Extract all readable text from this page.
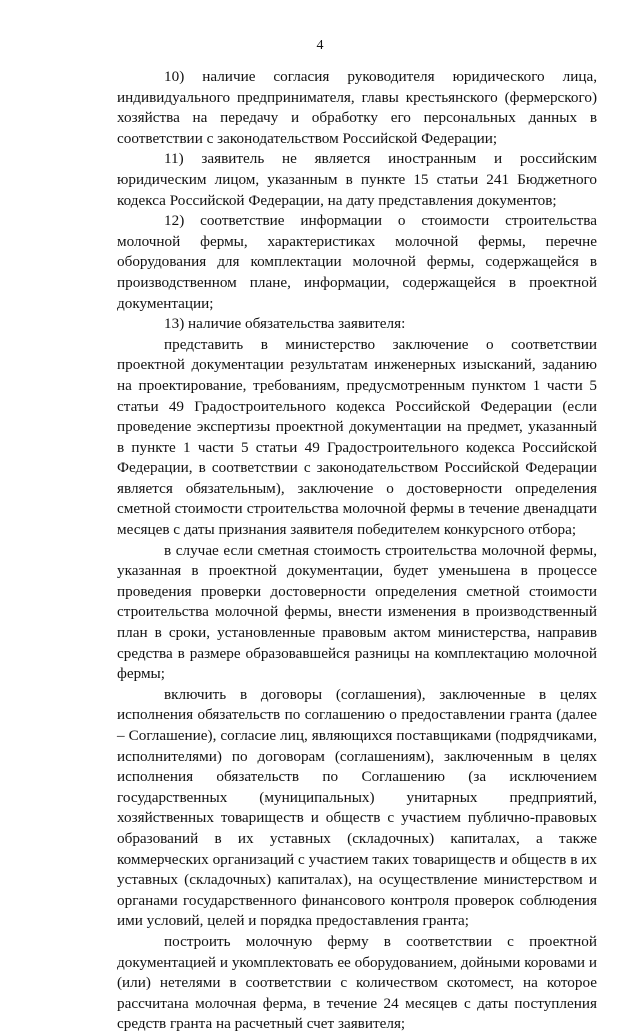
4

10) наличие согласия руководителя юридического лица, индивидуального предпринимателя, главы крестьянского (фермерского) хозяйства на передачу и обработку его персональных данных в соответствии с законодательством Российской Федерации;

11) заявитель не является иностранным и российским юридическим лицом, указанным в пункте 15 статьи 241 Бюджетного кодекса Российской Федерации, на дату представления документов;

12) соответствие информации о стоимости строительства молочной фермы, характеристиках молочной фермы, перечне оборудования для комплектации молочной фермы, содержащейся в производственном плане, информации, содержащейся в проектной документации;

13) наличие обязательства заявителя:

представить в министерство заключение о соответствии проектной документации результатам инженерных изысканий, заданию на проектирование, требованиям, предусмотренным пунктом 1 части 5 статьи 49 Градостроительного кодекса Российской Федерации (если проведение экспертизы проектной документации на предмет, указанный в пункте 1 части 5 статьи 49 Градостроительного кодекса Российской Федерации, в соответствии с законодательством Российской Федерации является обязательным), заключение о достоверности определения сметной стоимости строительства молочной фермы в течение двенадцати месяцев с даты признания заявителя победителем конкурсного отбора;

в случае если сметная стоимость строительства молочной фермы, указанная в проектной документации, будет уменьшена в процессе проведения проверки достоверности определения сметной стоимости строительства молочной фермы, внести изменения в производственный план в сроки, установленные правовым актом министерства, направив средства в размере образовавшейся разницы на комплектацию молочной фермы;

включить в договоры (соглашения), заключенные в целях исполнения обязательств по соглашению о предоставлении гранта (далее – Соглашение), согласие лиц, являющихся поставщиками (подрядчиками, исполнителями) по договорам (соглашениям), заключенным в целях исполнения обязательств по Соглашению (за исключением государственных (муниципальных) унитарных предприятий, хозяйственных товариществ и обществ с участием публично-правовых образований в их уставных (складочных) капиталах, а также коммерческих организаций с участием таких товариществ и обществ в их уставных (складочных) капиталах), на осуществление министерством и органами государственного финансового контроля проверок соблюдения ими условий, целей и порядка предоставления гранта;

построить молочную ферму в соответствии с проектной документацией и укомплектовать ее оборудованием, дойными коровами и (или) нетелями в соответствии с количеством скотомест, на которое рассчитана молочная ферма, в течение 24 месяцев с даты поступления средств гранта на расчетный счет заявителя;
